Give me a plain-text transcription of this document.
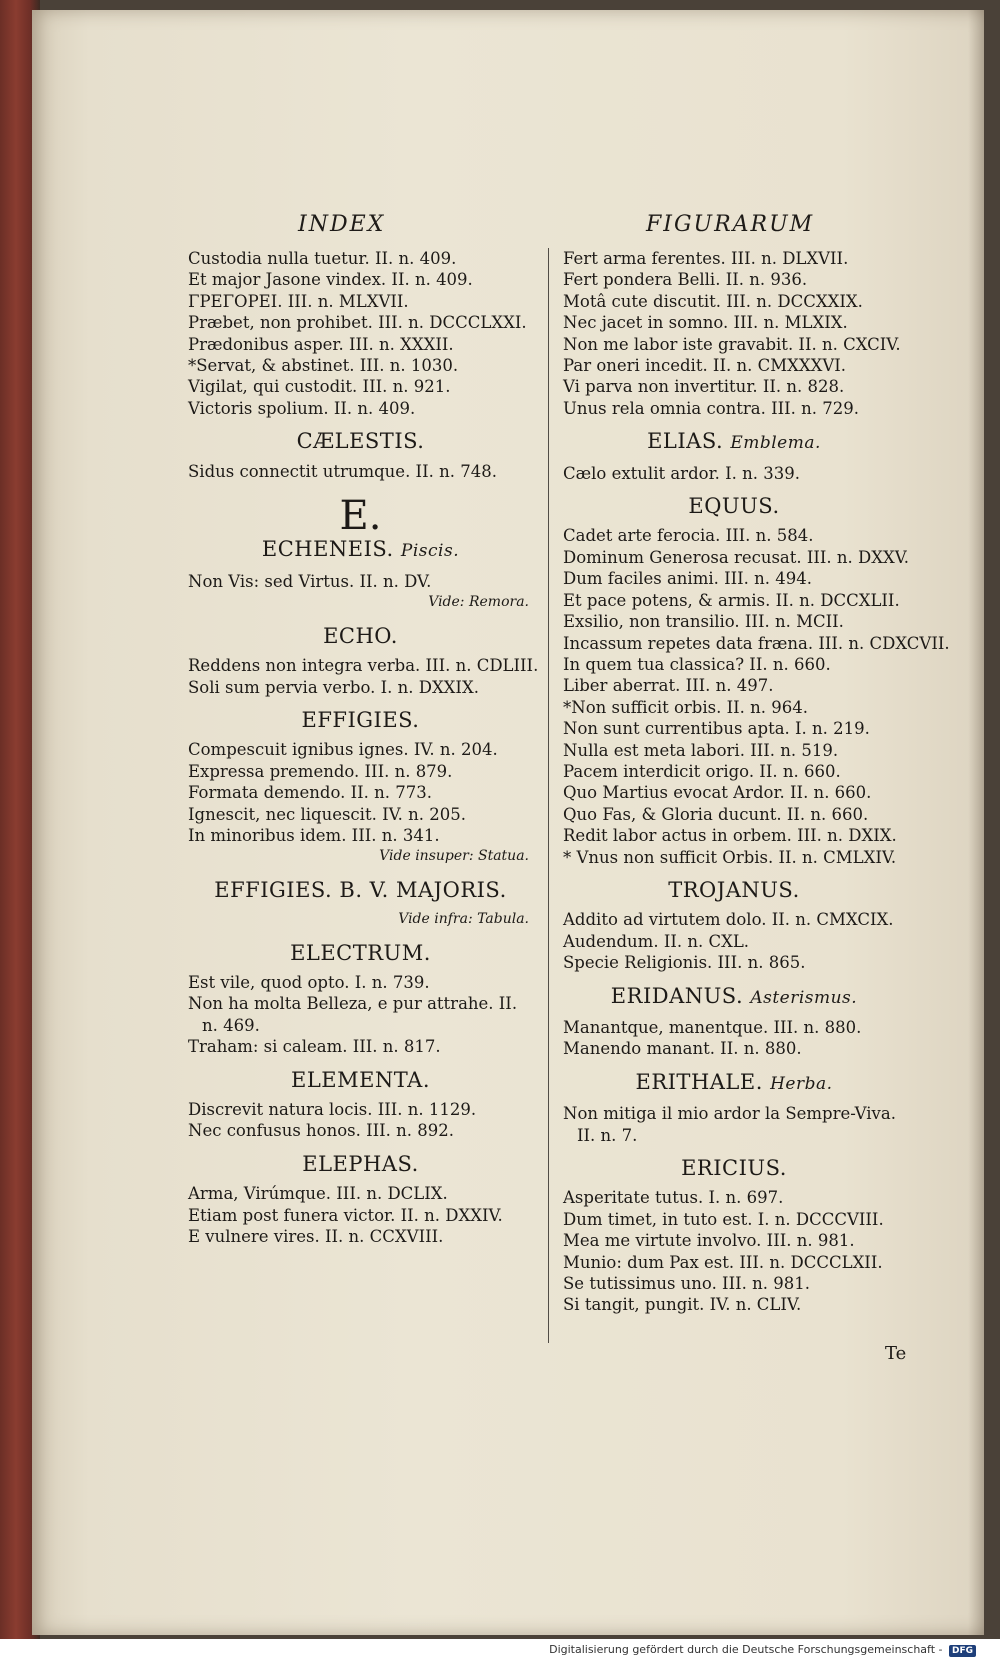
INDEX	FIGURARUM
Custodia nulla tuetur. II. n. 409.
Et major Jasone vindex. II. n. 409.
ΓΡΕΓΟΡΕΙ. III. n. MLXVII.
Præbet, non prohibet. III. n. DCCCLXXI.
Prædonibus asper. III. n. XXXII.
*Servat, & abstinet. III. n. 1030.
Vigilat, qui custodit. III. n. 921.
Victoris spolium. II. n. 409.
CÆLESTIS.
Sidus connectit utrumque. II. n. 748.
E.
ECHENEIS. Piscis.
Non Vis: sed Virtus. II. n. DV.
Vide: Remora.
ECHO.
Reddens non integra verba. III. n. CDLIII.
Soli sum pervia verbo. I. n. DXXIX.
EFFIGIES.
Compescuit ignibus ignes. IV. n. 204.
Expressa premendo. III. n. 879.
Formata demendo. II. n. 773.
Ignescit, nec liquescit. IV. n. 205.
In minoribus idem. III. n. 341.
Vide insuper: Statua.
EFFIGIES. B. V. MAJORIS.
Vide infra: Tabula.
ELECTRUM.
Est vile, quod opto. I. n. 739.
Non ha molta Belleza, e pur attrahe. II. n. 469.
Traham: si caleam. III. n. 817.
ELEMENTA.
Discrevit natura locis. III. n. 1129.
Nec confusus honos. III. n. 892.
ELEPHAS.
Arma, Virúmque. III. n. DCLIX.
Etiam post funera victor. II. n. DXXIV.
E vulnere vires. II. n. CCXVIII.
Fert arma ferentes. III. n. DLXVII.
Fert pondera Belli. II. n. 936.
Motâ cute discutit. III. n. DCCXXIX.
Nec jacet in somno. III. n. MLXIX.
Non me labor iste gravabit. II. n. CXCIV.
Par oneri incedit. II. n. CMXXXVI.
Vi parva non invertitur. II. n. 828.
Unus rela omnia contra. III. n. 729.
ELIAS. Emblema.
Cælo extulit ardor. I. n. 339.
EQUUS.
Cadet arte ferocia. III. n. 584.
Dominum Generosa recusat. III. n. DXXV.
Dum faciles animi. III. n. 494.
Et pace potens, & armis. II. n. DCCXLII.
Exsilio, non transilio. III. n. MCII.
Incassum repetes data fræna. III. n. CDXCVII.
In quem tua classica? II. n. 660.
Liber aberrat. III. n. 497.
*Non sufficit orbis. II. n. 964.
Non sunt currentibus apta. I. n. 219.
Nulla est meta labori. III. n. 519.
Pacem interdicit origo. II. n. 660.
Quo Martius evocat Ardor. II. n. 660.
Quo Fas, & Gloria ducunt. II. n. 660.
Redit labor actus in orbem. III. n. DXIX.
* Vnus non sufficit Orbis. II. n. CMLXIV.
TROJANUS.
Addito ad virtutem dolo. II. n. CMXCIX.
Audendum. II. n. CXL.
Specie Religionis. III. n. 865.
ERIDANUS. Asterismus.
Manantque, manentque. III. n. 880.
Manendo manant. II. n. 880.
ERITHALE. Herba.
Non mitiga il mio ardor la Sempre-Viva. II. n. 7.
ERICIUS.
Asperitate tutus. I. n. 697.
Dum timet, in tuto est. I. n. DCCCVIII.
Mea me virtute involvo. III. n. 981.
Munio: dum Pax est. III. n. DCCCLXII.
Se tutissimus uno. III. n. 981.
Si tangit, pungit. IV. n. CLIV.
Te
Digitalisierung gefördert durch die Deutsche Forschungsgemeinschaft - DFG
